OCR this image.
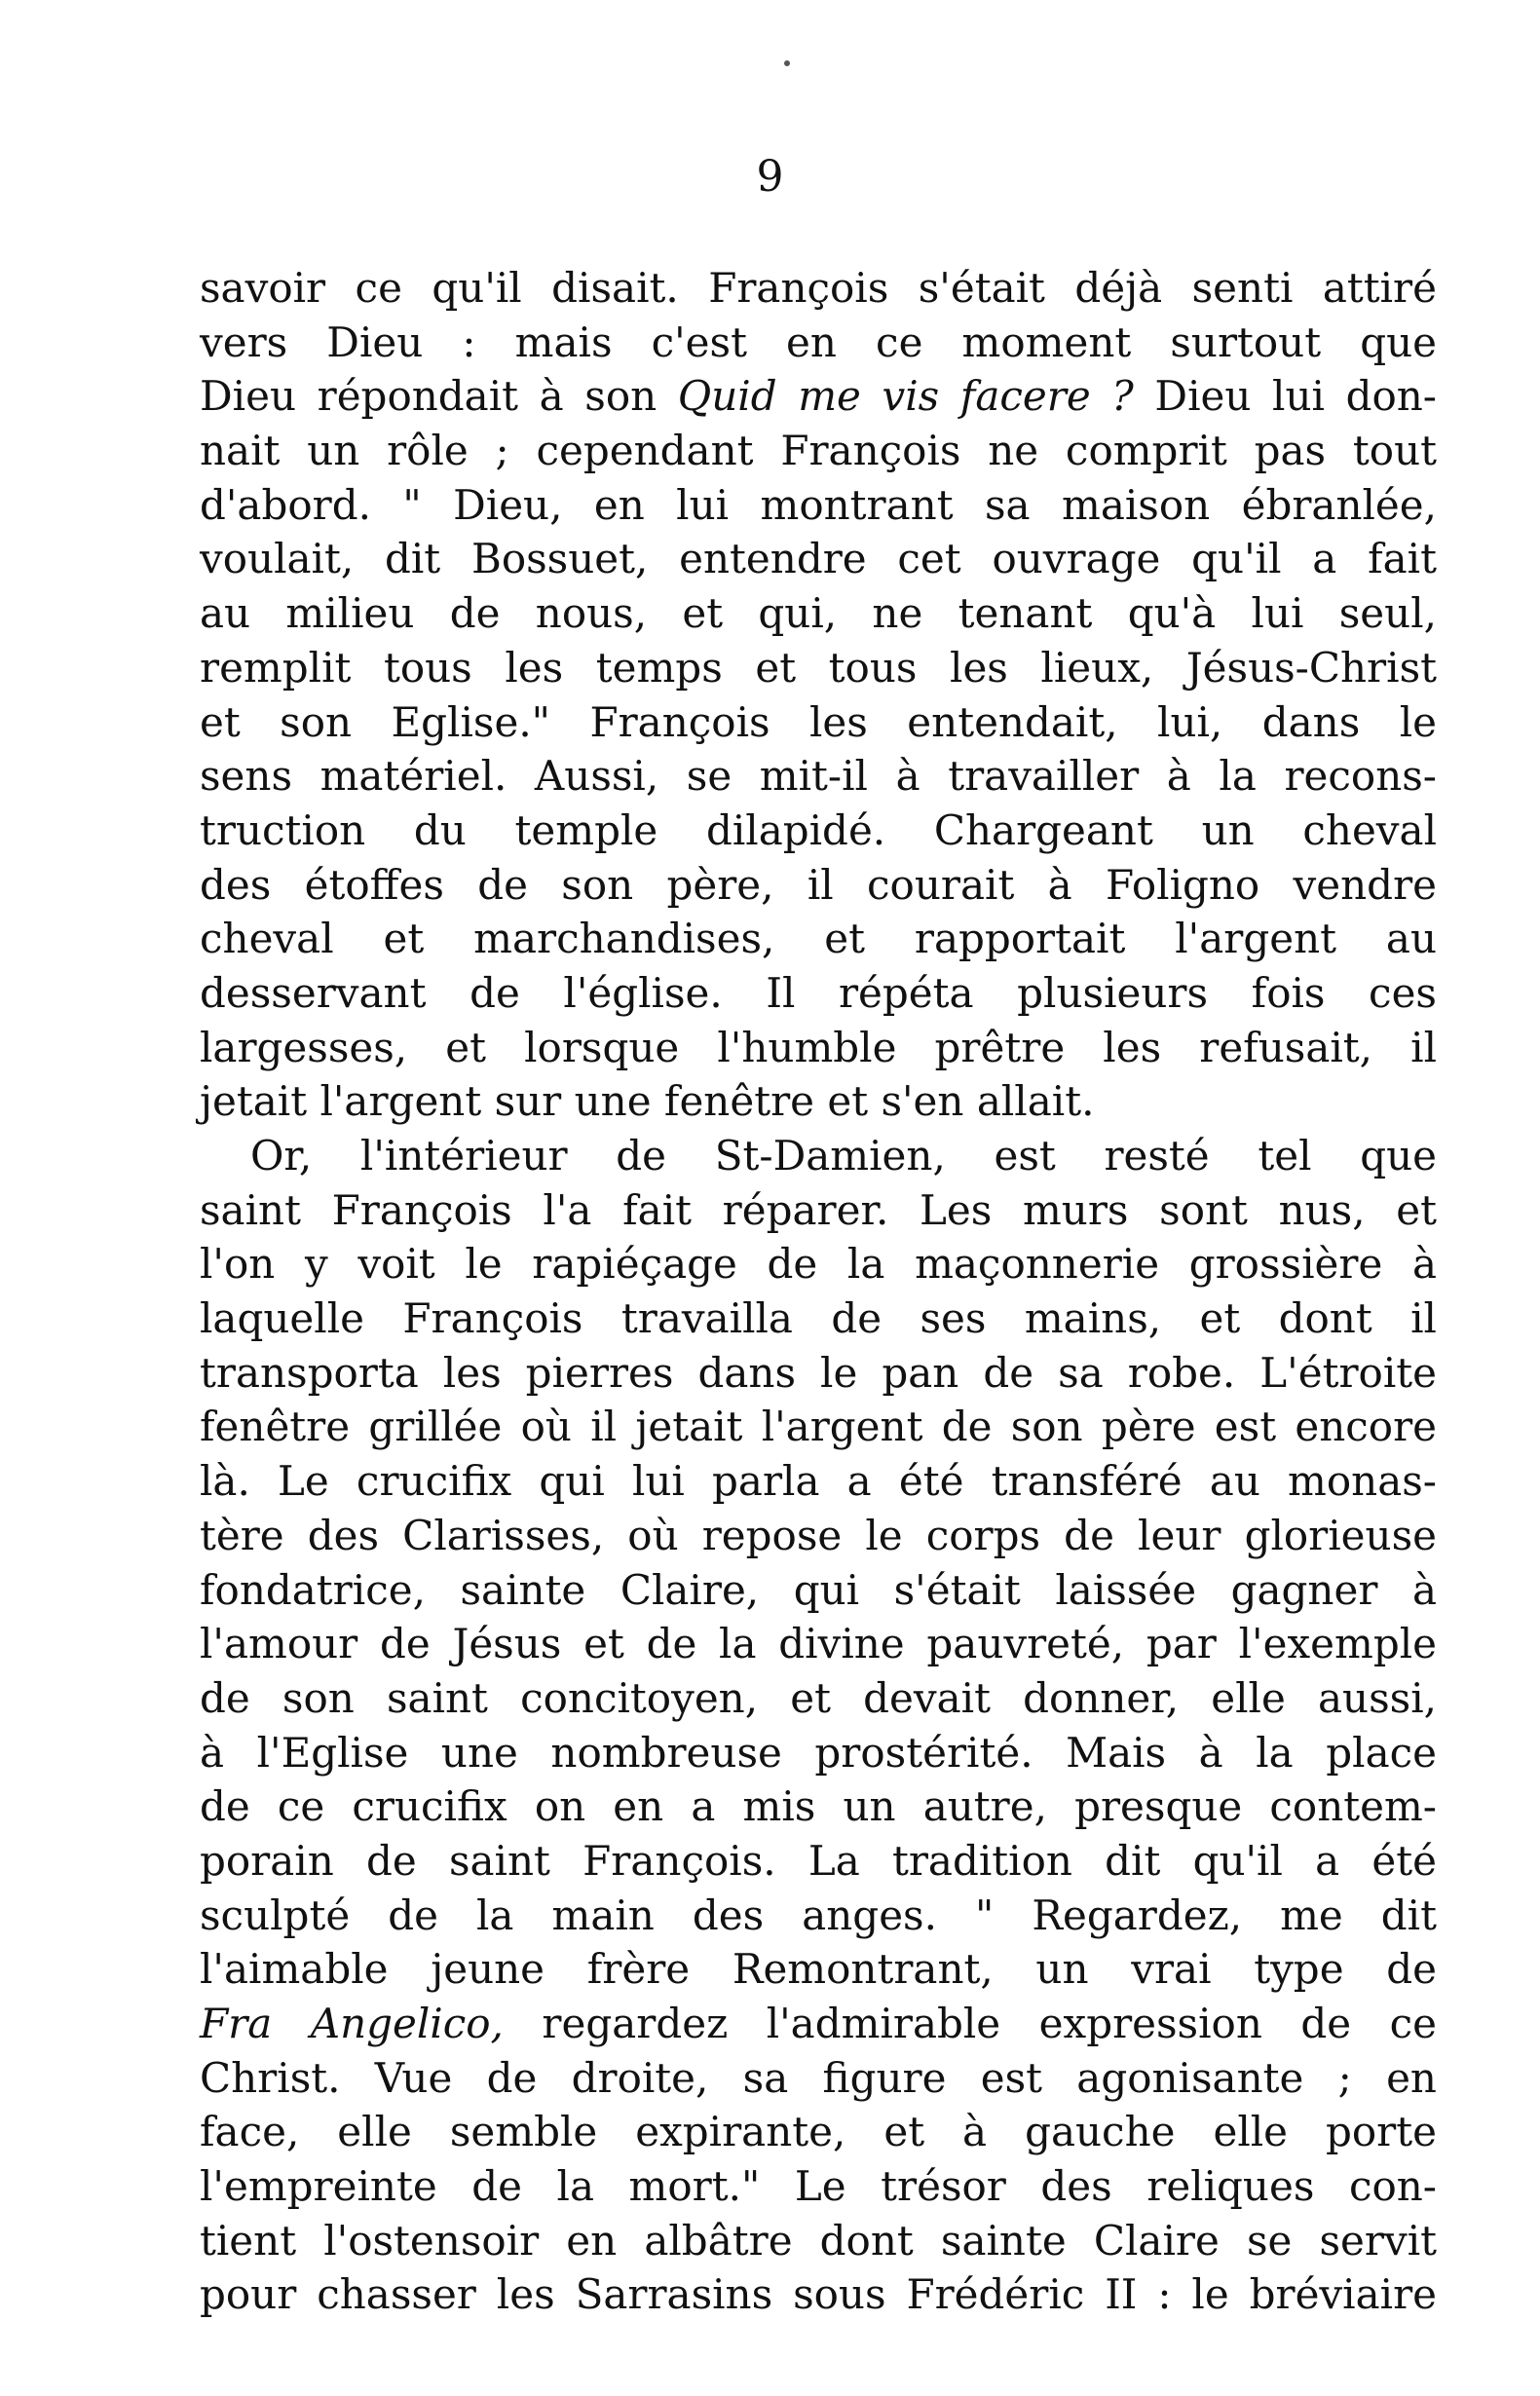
9
savoir ce qu'il disait. François s'était déjà senti attiré
vers Dieu : mais c'est en ce moment surtout que
Dieu répondait à son Quid me vis facere ? Dieu lui don-
nait un rôle ; cependant François ne comprit pas tout
d'abord. " Dieu, en lui montrant sa maison ébranlée,
voulait, dit Bossuet, entendre cet ouvrage qu'il a fait
au milieu de nous, et qui, ne tenant qu'à lui seul,
remplit tous les temps et tous les lieux, Jésus-Christ
et son Eglise." François les entendait, lui, dans le
sens matériel. Aussi, se mit-il à travailler à la recons-
truction du temple dilapidé. Chargeant un cheval
des étoffes de son père, il courait à Foligno vendre
cheval et marchandises, et rapportait l'argent au
desservant de l'église. Il répéta plusieurs fois ces
largesses, et lorsque l'humble prêtre les refusait, il
jetait l'argent sur une fenêtre et s'en allait.
Or, l'intérieur de St-Damien, est resté tel que
saint François l'a fait réparer. Les murs sont nus, et
l'on y voit le rapiéçage de la maçonnerie grossière à
laquelle François travailla de ses mains, et dont il
transporta les pierres dans le pan de sa robe. L'étroite
fenêtre grillée où il jetait l'argent de son père est encore
là. Le crucifix qui lui parla a été transféré au monas-
tère des Clarisses, où repose le corps de leur glorieuse
fondatrice, sainte Claire, qui s'était laissée gagner à
l'amour de Jésus et de la divine pauvreté, par l'exemple
de son saint concitoyen, et devait donner, elle aussi,
à l'Eglise une nombreuse prostérité. Mais à la place
de ce crucifix on en a mis un autre, presque contem-
porain de saint François. La tradition dit qu'il a été
sculpté de la main des anges. " Regardez, me dit
l'aimable jeune frère Remontrant, un vrai type de
Fra Angelico, regardez l'admirable expression de ce
Christ. Vue de droite, sa figure est agonisante ; en
face, elle semble expirante, et à gauche elle porte
l'empreinte de la mort." Le trésor des reliques con-
tient l'ostensoir en albâtre dont sainte Claire se servit
pour chasser les Sarrasins sous Frédéric II : le bréviaire
